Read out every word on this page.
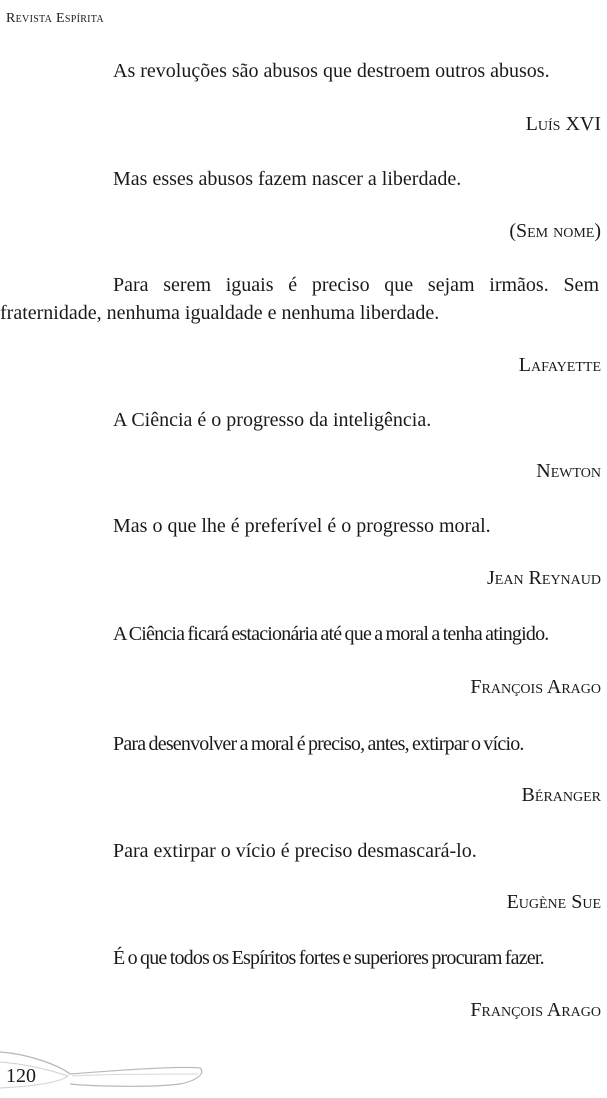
Revista Espírita

As revoluções são abusos que destroem outros abusos.

Luís XVI

Mas esses abusos fazem nascer a liberdade.

(Sem nome)

Para serem iguais é preciso que sejam irmãos. Sem fraternidade, nenhuma igualdade e nenhuma liberdade.

Lafayette

A Ciência é o progresso da inteligência.

Newton

Mas o que lhe é preferível é o progresso moral.

Jean Reynaud

A Ciência ficará estacionária até que a moral a tenha atingido.

François Arago

Para desenvolver a moral é preciso, antes, extirpar o vício.

Béranger

Para extirpar o vício é preciso desmascará-lo.

Eugène Sue

É o que todos os Espíritos fortes e superiores procuram fazer.

François Arago
120
